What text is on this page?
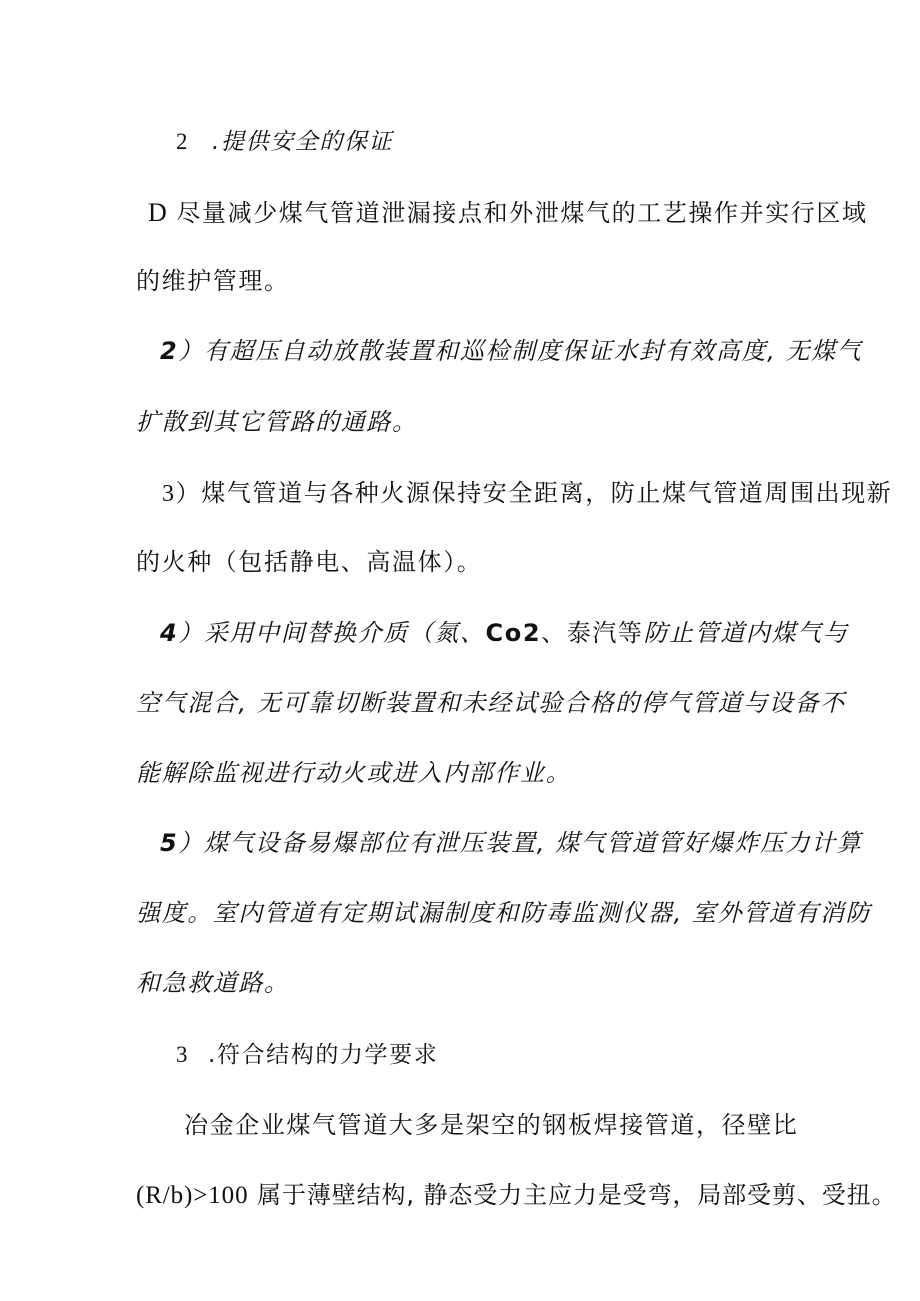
2 .提供安全的保证
D 尽量减少煤气管道泄漏接点和外泄煤气的工艺操作并实行区域
的维护管理。
2）有超压自动放散装置和巡检制度保证水封有效高度, 无煤气
扩散到其它管路的通路。
3）煤气管道与各种火源保持安全距离，防止煤气管道周围出现新
的火种（包括静电、高温体）。
4）采用中间替换介质（氮、Co2、泰汽等防止管道内煤气与
空气混合, 无可靠切断装置和未经试验合格的停气管道与设备不
能解除监视进行动火或进入内部作业。
5）煤气设备易爆部位有泄压装置, 煤气管道管好爆炸压力计算
强度。室内管道有定期试漏制度和防毒监测仪器, 室外管道有消防
和急救道路。
3 .符合结构的力学要求
冶金企业煤气管道大多是架空的钢板焊接管道，径壁比
(R/b)>100 属于薄壁结构, 静态受力主应力是受弯，局部受剪、受扭。
